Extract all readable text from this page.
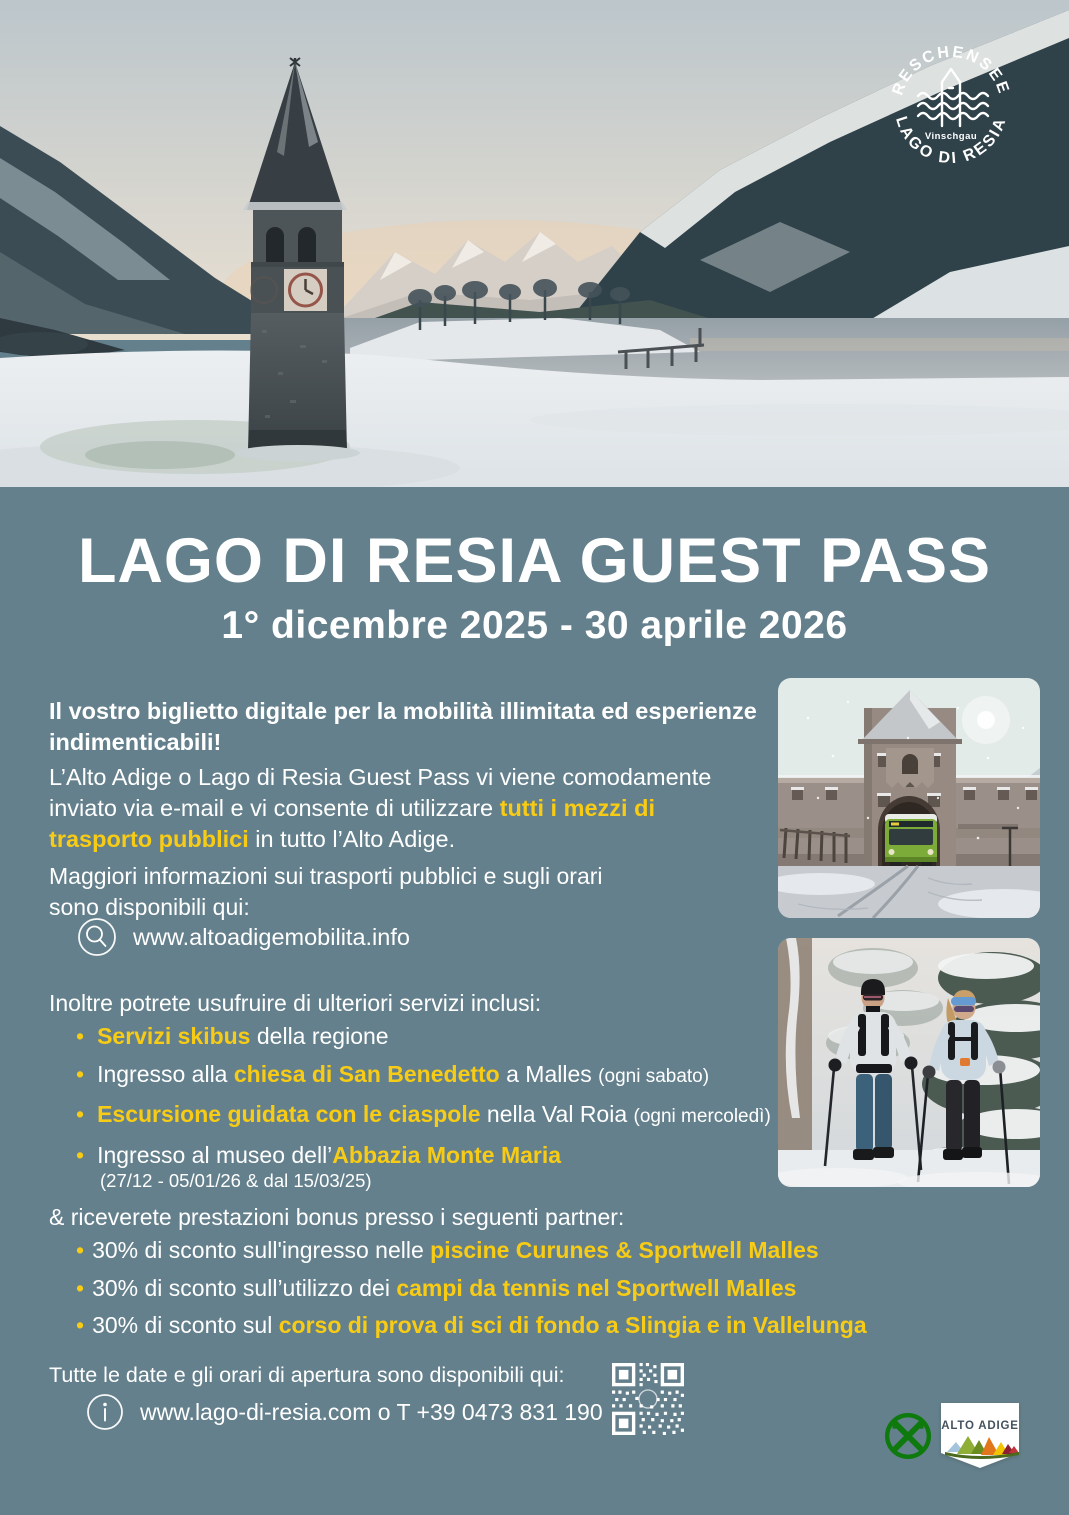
RESCHENSEE
LAGO DI RESIA
Vinschgau
LAGO DI RESIA GUEST PASS
1° dicembre 2025 - 30 aprile 2026

Il vostro biglietto digitale per la mobilità illimitata ed esperienze indimenticabili!

L’Alto Adige o Lago di Resia Guest Pass vi viene comodamente inviato via e-mail e vi consente di utilizzare tutti i mezzi di trasporto pubblici in tutto l’Alto Adige.

Maggiori informazioni sui trasporti pubblici e sugli orari sono disponibili qui:

www.altoadigemobilita.info

Inoltre potrete usufruire di ulteriori servizi inclusi:

• Servizi skibus della regione
• Ingresso alla chiesa di San Benedetto a Malles (ogni sabato)
• Escursione guidata con le ciaspole nella Val Roia (ogni mercoledì)
• Ingresso al museo dell’Abbazia Monte Maria
(27/12 - 05/01/26 & dal 15/03/25)

& riceverete prestazioni bonus presso i seguenti partner:

• 30% di sconto sull'ingresso nelle piscine Curunes & Sportwell Malles
• 30% di sconto sull’utilizzo dei campi da tennis nel Sportwell Malles
• 30% di sconto sul corso di prova di sci di fondo a Slingia e in Vallelunga

Tutte le date e gli orari di apertura sono disponibili qui:

www.lago-di-resia.com o T +39 0473 831 190
ALTO ADIGE
